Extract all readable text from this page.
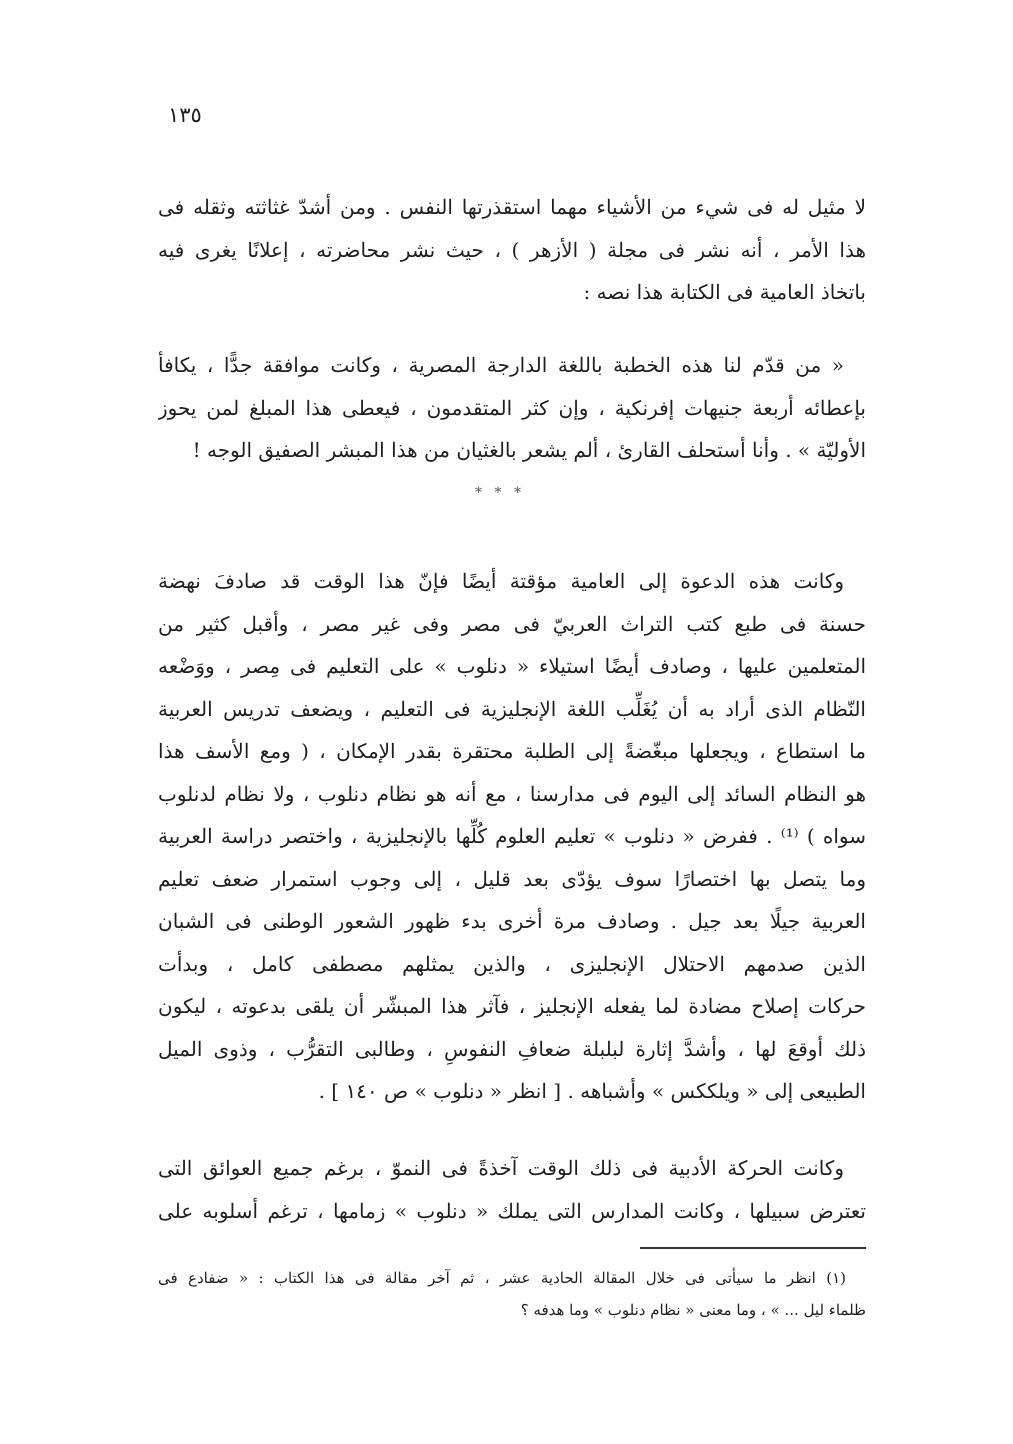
١٣٥
لا مثيل له فى شيء من الأشياء مهما استقذرتها النفس . ومن أشدّ غثاثته وثقله فى
هذا الأمر ، أنه نشر فى مجلة ( الأزهر ) ، حيث نشر محاضرته ، إعلانًا يغرى فيه
باتخاذ العامية فى الكتابة هذا نصه :
« من قدّم لنا هذه الخطبة باللغة الدارجة المصرية ، وكانت موافقة جدًّا ، يكافأ
بإعطائه أربعة جنيهات إفرنكية ، وإن كثر المتقدمون ، فيعطى هذا المبلغ لمن يحوز
الأوليّة » . وأنا أستحلف القارئ ، ألم يشعر بالغثيان من هذا المبشر الصفيق الوجه !
* * *
وكانت هذه الدعوة إلى العامية مؤقتة أيضًا فإنّ هذا الوقت قد صادفَ نهضة
حسنة فى طبع كتب التراث العربيّ فى مصر وفى غير مصر ، وأقبل كثير من
المتعلمين عليها ، وصادف أيضًا استيلاء « دنلوب » على التعليم فى مِصر ، ووَضْعه
النّظام الذى أراد به أن يُغَلِّب اللغة الإنجليزية فى التعليم ، ويضعف تدريس العربية
ما استطاع ، ويجعلها مبغّضةً إلى الطلبة محتقرة بقدر الإمكان ، ( ومع الأسف هذا
هو النظام السائد إلى اليوم فى مدارسنا ، مع أنه هو نظام دنلوب ، ولا نظام لدنلوب
سواه ) ⁽¹⁾ . ففرض « دنلوب » تعليم العلوم كُلِّها بالإنجليزية ، واختصر دراسة العربية
وما يتصل بها اختصارًا سوف يؤدّى بعد قليل ، إلى وجوب استمرار ضعف تعليم
العربية جيلًا بعد جيل . وصادف مرة أخرى بدء ظهور الشعور الوطنى فى الشبان
الذين صدمهم الاحتلال الإنجليزى ، والذين يمثلهم مصطفى كامل ، وبدأت
حركات إصلاح مضادة لما يفعله الإنجليز ، فآثر هذا المبشّر أن يلقى بدعوته ، ليكون
ذلك أوقعَ لها ، وأشدَّ إثارة لبلبلة ضعافِ النفوسِ ، وطالبى التقرُّب ، وذوى الميل
الطبيعى إلى « ويلككس » وأشباهه . [ انظر « دنلوب » ص ١٤٠ ] .
وكانت الحركة الأدبية فى ذلك الوقت آخذةً فى النموّ ، برغم جميع العوائق التى
تعترض سبيلها ، وكانت المدارس التى يملك « دنلوب » زمامها ، ترغم أسلوبه على
(١) انظر ما سيأتى فى خلال المقالة الحادية عشر ، ثم آخر مقالة فى هذا الكتاب : « ضفادع فى
ظلماء ليل ... » ، وما معنى « نظام دنلوب » وما هدفه ؟
